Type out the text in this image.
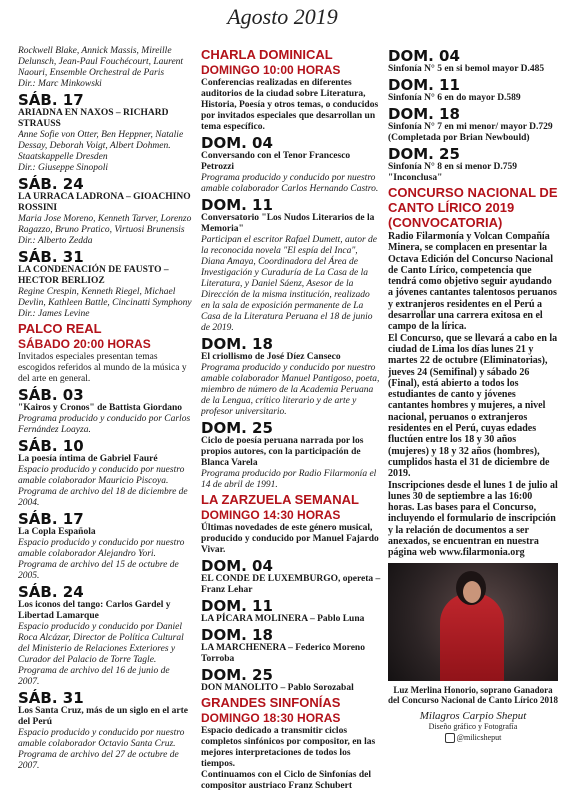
Agosto 2019
Rockwell Blake, Annick Massis, Mireille Delunsch, Jean-Paul Fouchécourt, Laurent Naouri, Ensemble Orchestral de Paris
Dir.: Marc Minkowski
SÁB. 17
ARIADNA EN NAXOS – RICHARD STRAUSS
Anne Sofie von Otter, Ben Heppner, Natalie Dessay, Deborah Voigt, Albert Dohmen. Staatskappelle Dresden
Dir.: Giuseppe Sinopoli
SÁB. 24
LA URRACA LADRONA – GIOACHINO ROSSINI
Maria Jose Moreno, Kenneth Tarver, Lorenzo Ragazzo, Bruno Pratico, Virtuosi Brunensis
Dir.: Alberto Zedda
SÁB. 31
LA CONDENACIÓN DE FAUSTO – HECTOR BERLIOZ
Regine Crespin, Kenneth Riegel, Michael Devlin, Kathleen Battle, Cincinatti Symphony
Dir.: James Levine
PALCO REAL
SÁBADO 20:00 HORAS
Invitados especiales presentan temas escogidos referidos al mundo de la música y del arte en general.
SÁB. 03
"Kairos y Cronos" de Battista Giordano
Programa producido y conducido por Carlos Fernández Loayza.
SÁB. 10
La poesía íntima de Gabriel Fauré
Espacio producido y conducido por nuestro amable colaborador Mauricio Piscoya. Programa de archivo del 18 de diciembre de 2004.
SÁB. 17
La Copla Española
Espacio producido y conducido por nuestro amable colaborador Alejandro Yori. Programa de archivo del 15 de octubre de 2005.
SÁB. 24
Los iconos del tango: Carlos Gardel y Libertad Lamarque
Espacio producido y conducido por Daniel Roca Alcázar, Director de Política Cultural del Ministerio de Relaciones Exteriores y Curador del Palacio de Torre Tagle. Programa de archivo del 16 de junio de 2007.
SÁB. 31
Los Santa Cruz, más de un siglo en el arte del Perú
Espacio producido y conducido por nuestro amable colaborador Octavio Santa Cruz. Programa de archivo del 27 de octubre de 2007.
CHARLA DOMINICAL
DOMINGO 10:00 HORAS
Conferencias realizadas en diferentes auditorios de la ciudad sobre Literatura, Historia, Poesía y otros temas, o conducidos por invitados especiales que desarrollan un tema específico.
DOM. 04
Conversando con el Tenor Francesco Petrozzi
Programa producido y conducido por nuestro amable colaborador Carlos Hernando Castro.
DOM. 11
Conversatorio "Los Nudos Literarios de la Memoria"
Participan el escritor Rafael Dumett, autor de la reconocida novela "El espía del Inca", Diana Amaya, Coordinadora del Área de Investigación y Curaduría de La Casa de la Literatura, y Daniel Sáenz, Asesor de la Dirección de la misma institución, realizado en la sala de exposición permanente de La Casa de la Literatura Peruana el 18 de junio de 2019.
DOM. 18
El criollismo de José Díez Canseco
Programa producido y conducido por nuestro amable colaborador Manuel Pantigoso, poeta, miembro de número de la Academia Peruana de la Lengua, crítico literario y de arte y profesor universitario.
DOM. 25
Ciclo de poesía peruana narrada por los propios autores, con la participación de Blanca Varela
Programa producido por Radio Filarmonía el 14 de abril de 1991.
LA ZARZUELA SEMANAL
DOMINGO 14:30 HORAS
Últimas novedades de este género musical, producido y conducido por Manuel Fajardo Vivar.
DOM. 04
EL CONDE DE LUXEMBURGO, opereta – Franz Lehar
DOM. 11
LA PÍCARA MOLINERA – Pablo Luna
DOM. 18
LA MARCHENERA – Federico Moreno Torroba
DOM. 25
DON MANOLITO – Pablo Sorozabal
GRANDES SINFONÍAS
DOMINGO 18:30 HORAS
Espacio dedicado a transmitir ciclos completos sinfónicos por compositor, en las mejores interpretaciones de todos los tiempos.
Continuamos con el Ciclo de Sinfonías del compositor austriaco Franz Schubert
DOM. 04
Sinfonía N° 5 en si bemol mayor D.485
DOM. 11
Sinfonía N° 6 en do mayor D.589
DOM. 18
Sinfonía N° 7 en mi menor/ mayor D.729 (Completada por Brian Newbould)
DOM. 25
Sinfonía N° 8 en si menor D.759 "Inconclusa"
CONCURSO NACIONAL DE CANTO LÍRICO 2019 (CONVOCATORIA)
Radio Filarmonía y Volcan Compañía Minera, se complacen en presentar la Octava Edición del Concurso Nacional de Canto Lírico, competencia que tendrá como objetivo seguir ayudando a jóvenes cantantes talentosos peruanos y extranjeros residentes en el Perú a desarrollar una carrera exitosa en el campo de la lírica.
El Concurso, que se llevará a cabo en la ciudad de Lima los días lunes 21 y martes 22 de octubre (Eliminatorias), jueves 24 (Semifinal) y sábado 26 (Final), está abierto a todos los estudiantes de canto y jóvenes cantantes hombres y mujeres, a nivel nacional, peruanos o extranjeros residentes en el Perú, cuyas edades fluctúen entre los 18 y 30 años (mujeres) y 18 y 32 años (hombres), cumplidos hasta el 31 de diciembre de 2019.
Inscripciones desde el lunes 1 de julio al lunes 30 de septiembre a las 16:00 horas. Las bases para el Concurso, incluyendo el formulario de inscripción y la relación de documentos a ser anexados, se encuentran en nuestra página web www.filarmonia.org
Luz Merlina Honorio, soprano Ganadora del Concurso Nacional de Canto Lírico 2018
Milagros Carpio Sheput
Diseño gráfico y Fotografía
@milicsheput
